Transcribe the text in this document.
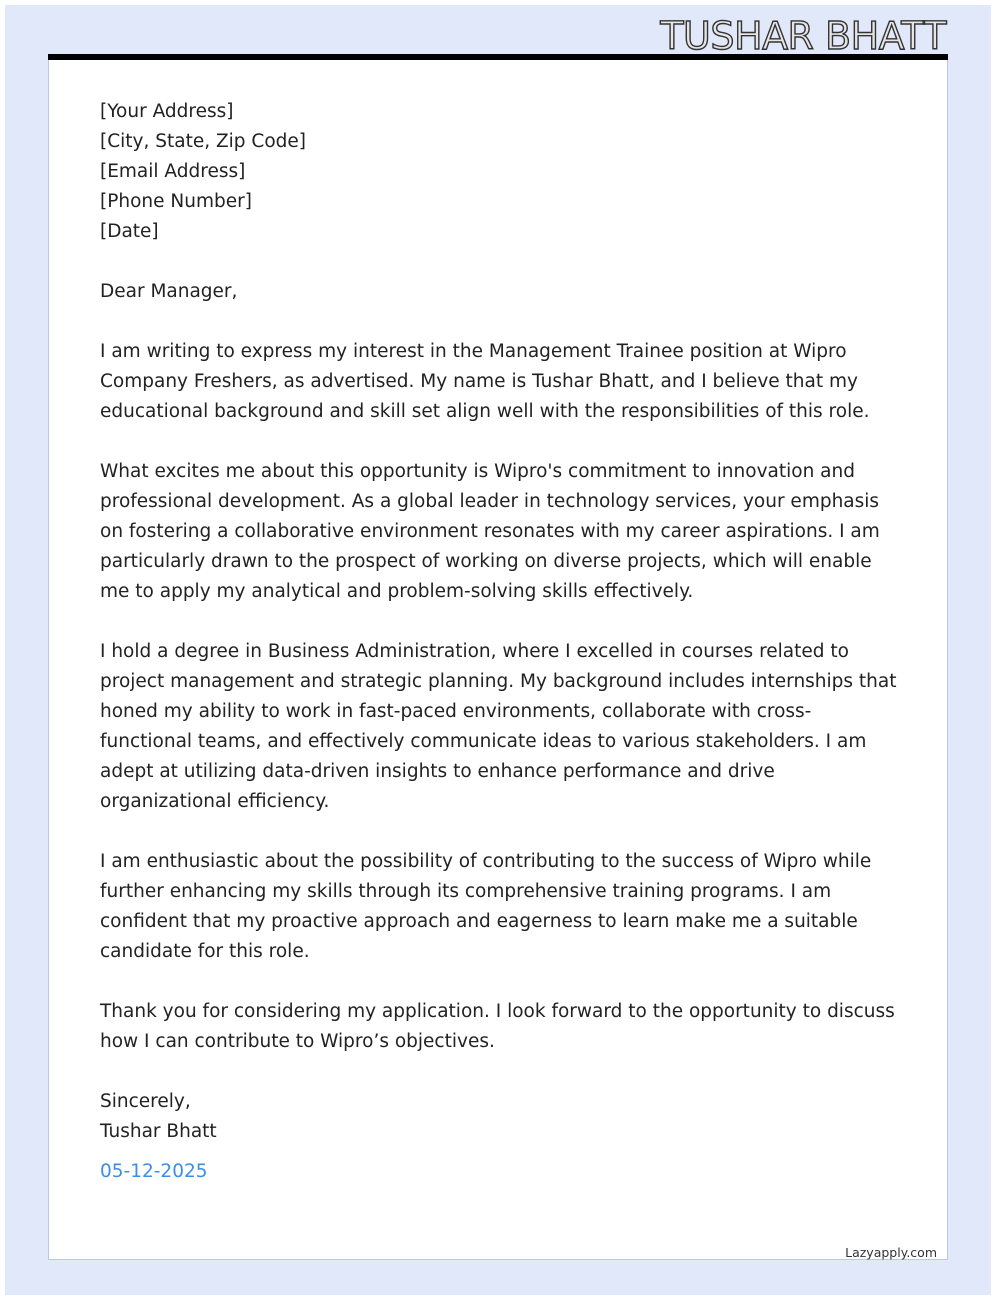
TUSHAR BHATT

[Your Address]

[City, State, Zip Code]

[Email Address]

[Phone Number]

[Date]

Dear Manager,

I am writing to express my interest in the Management Trainee position at Wipro Company Freshers, as advertised. My name is Tushar Bhatt, and I believe that my educational background and skill set align well with the responsibilities of this role.

What excites me about this opportunity is Wipro's commitment to innovation and professional development. As a global leader in technology services, your emphasis on fostering a collaborative environment resonates with my career aspirations. I am particularly drawn to the prospect of working on diverse projects, which will enable me to apply my analytical and problem-solving skills effectively.

I hold a degree in Business Administration, where I excelled in courses related to project management and strategic planning. My background includes internships that honed my ability to work in fast-paced environments, collaborate with cross-functional teams, and effectively communicate ideas to various stakeholders. I am adept at utilizing data-driven insights to enhance performance and drive organizational efficiency.

I am enthusiastic about the possibility of contributing to the success of Wipro while further enhancing my skills through its comprehensive training programs. I am confident that my proactive approach and eagerness to learn make me a suitable candidate for this role.

Thank you for considering my application. I look forward to the opportunity to discuss how I can contribute to Wipro’s objectives.

Sincerely,

Tushar Bhatt

05-12-2025

Lazyapply.com
